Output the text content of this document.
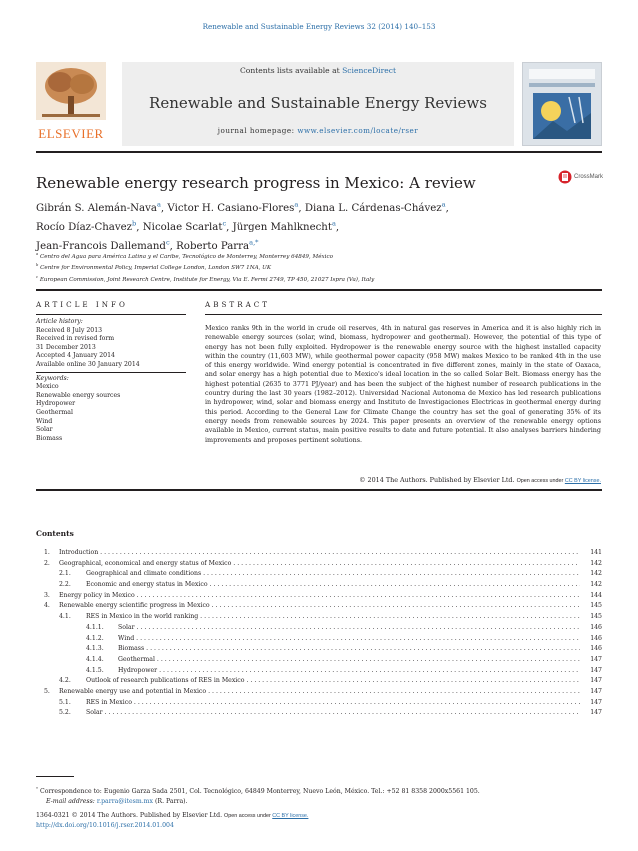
Renewable and Sustainable Energy Reviews 32 (2014) 140–153
ELSEVIER
Contents lists available at ScienceDirect
Renewable and Sustainable Energy Reviews
journal homepage: www.elsevier.com/locate/rser
Renewable energy research progress in Mexico: A review	CrossMark
Gibrán S. Alemán-Nava$^a$, Victor H. Casiano-Flores$^a$, Diana L. Cárdenas-Chávez$^a$,
Rocío Díaz-Chavez$^b$, Nicolae Scarlat$^c$, Jürgen Mahlknecht$^a$,
Jean-Francois Dallemand$^c$, Roberto Parra$^{a,*}$
$^a$ Centro del Agua para América Latina y el Caribe, Tecnológico de Monterrey, Monterrey 64849, México
$^b$ Centre for Environmental Policy, Imperial College London, London SW7 1NA, UK
$^c$ European Commission, Joint Research Centre, Institute for Energy, Via E. Fermi 2749, TP 450, 21027 Ispra (Va), Italy
ARTICLE INFO	ABSTRACT
Article history:
Received 8 July 2013
Received in revised form
31 December 2013
Accepted 4 January 2014
Available online 30 January 2014
Keywords:
Mexico
Renewable energy sources
Hydropower
Geothermal
Wind
Solar
Biomass
Mexico ranks 9th in the world in crude oil reserves, 4th in natural gas reserves in America and it is also highly rich in renewable energy sources (solar, wind, biomass, hydropower and geothermal). However, the potential of this type of energy has not been fully exploited. Hydropower is the renewable energy source with the highest installed capacity within the country (11,603 MW), while geothermal power capacity (958 MW) makes Mexico to be ranked 4th in the use of this energy worldwide. Wind energy potential is concentrated in five different zones, mainly in the state of Oaxaca, and solar energy has a high potential due to Mexico's ideal location in the so called Solar Belt. Biomass energy has the highest potential (2635 to 3771 PJ/year) and has been the subject of the highest number of research publications in the country during the last 30 years (1982–2012). Universidad Nacional Autonoma de Mexico has led research publications in hydropower, wind, solar and biomass energy and Instituto de Investigaciones Electricas in geothermal energy during this period. According to the General Law for Climate Change the country has set the goal of generating 35% of its energy needs from renewable sources by 2024. This paper presents an overview of the renewable energy options available in Mexico, current status, main positive results to date and future potential. It also analyses barriers hindering improvements and proposes pertinent solutions.
© 2014 The Authors. Published by Elsevier Ltd. Open access under CC BY license.
Contents
1. Introduction . . .	141
2. Geographical, economical and energy status of Mexico . . .	142
2.1. Geographical and climate conditions . . .	142
2.2. Economic and energy status in Mexico . . .	142
3. Energy policy in Mexico . . .	144
4. Renewable energy scientific progress in Mexico . . .	145
4.1. RES in Mexico in the world ranking . . .	145
4.1.1. Solar . . .	146
4.1.2. Wind . . .	146
4.1.3. Biomass . . .	146
4.1.4. Geothermal . . .	147
4.1.5. Hydropower . . .	147
4.2. Outlook of research publications of RES in Mexico . . .	147
5. Renewable energy use and potential in Mexico . . .	147
5.1. RES in Mexico . . .	147
5.2. Solar . . .	147
* Correspondence to: Eugenio Garza Sada 2501, Col. Tecnológico, 64849 Monterrey, Nuevo León, México. Tel.: +52 81 8358 2000x5561 105.
E-mail address: r.parra@itesm.mx (R. Parra).
1364-0321 © 2014 The Authors. Published by Elsevier Ltd. Open access under CC BY license.
http://dx.doi.org/10.1016/j.rser.2014.01.004
